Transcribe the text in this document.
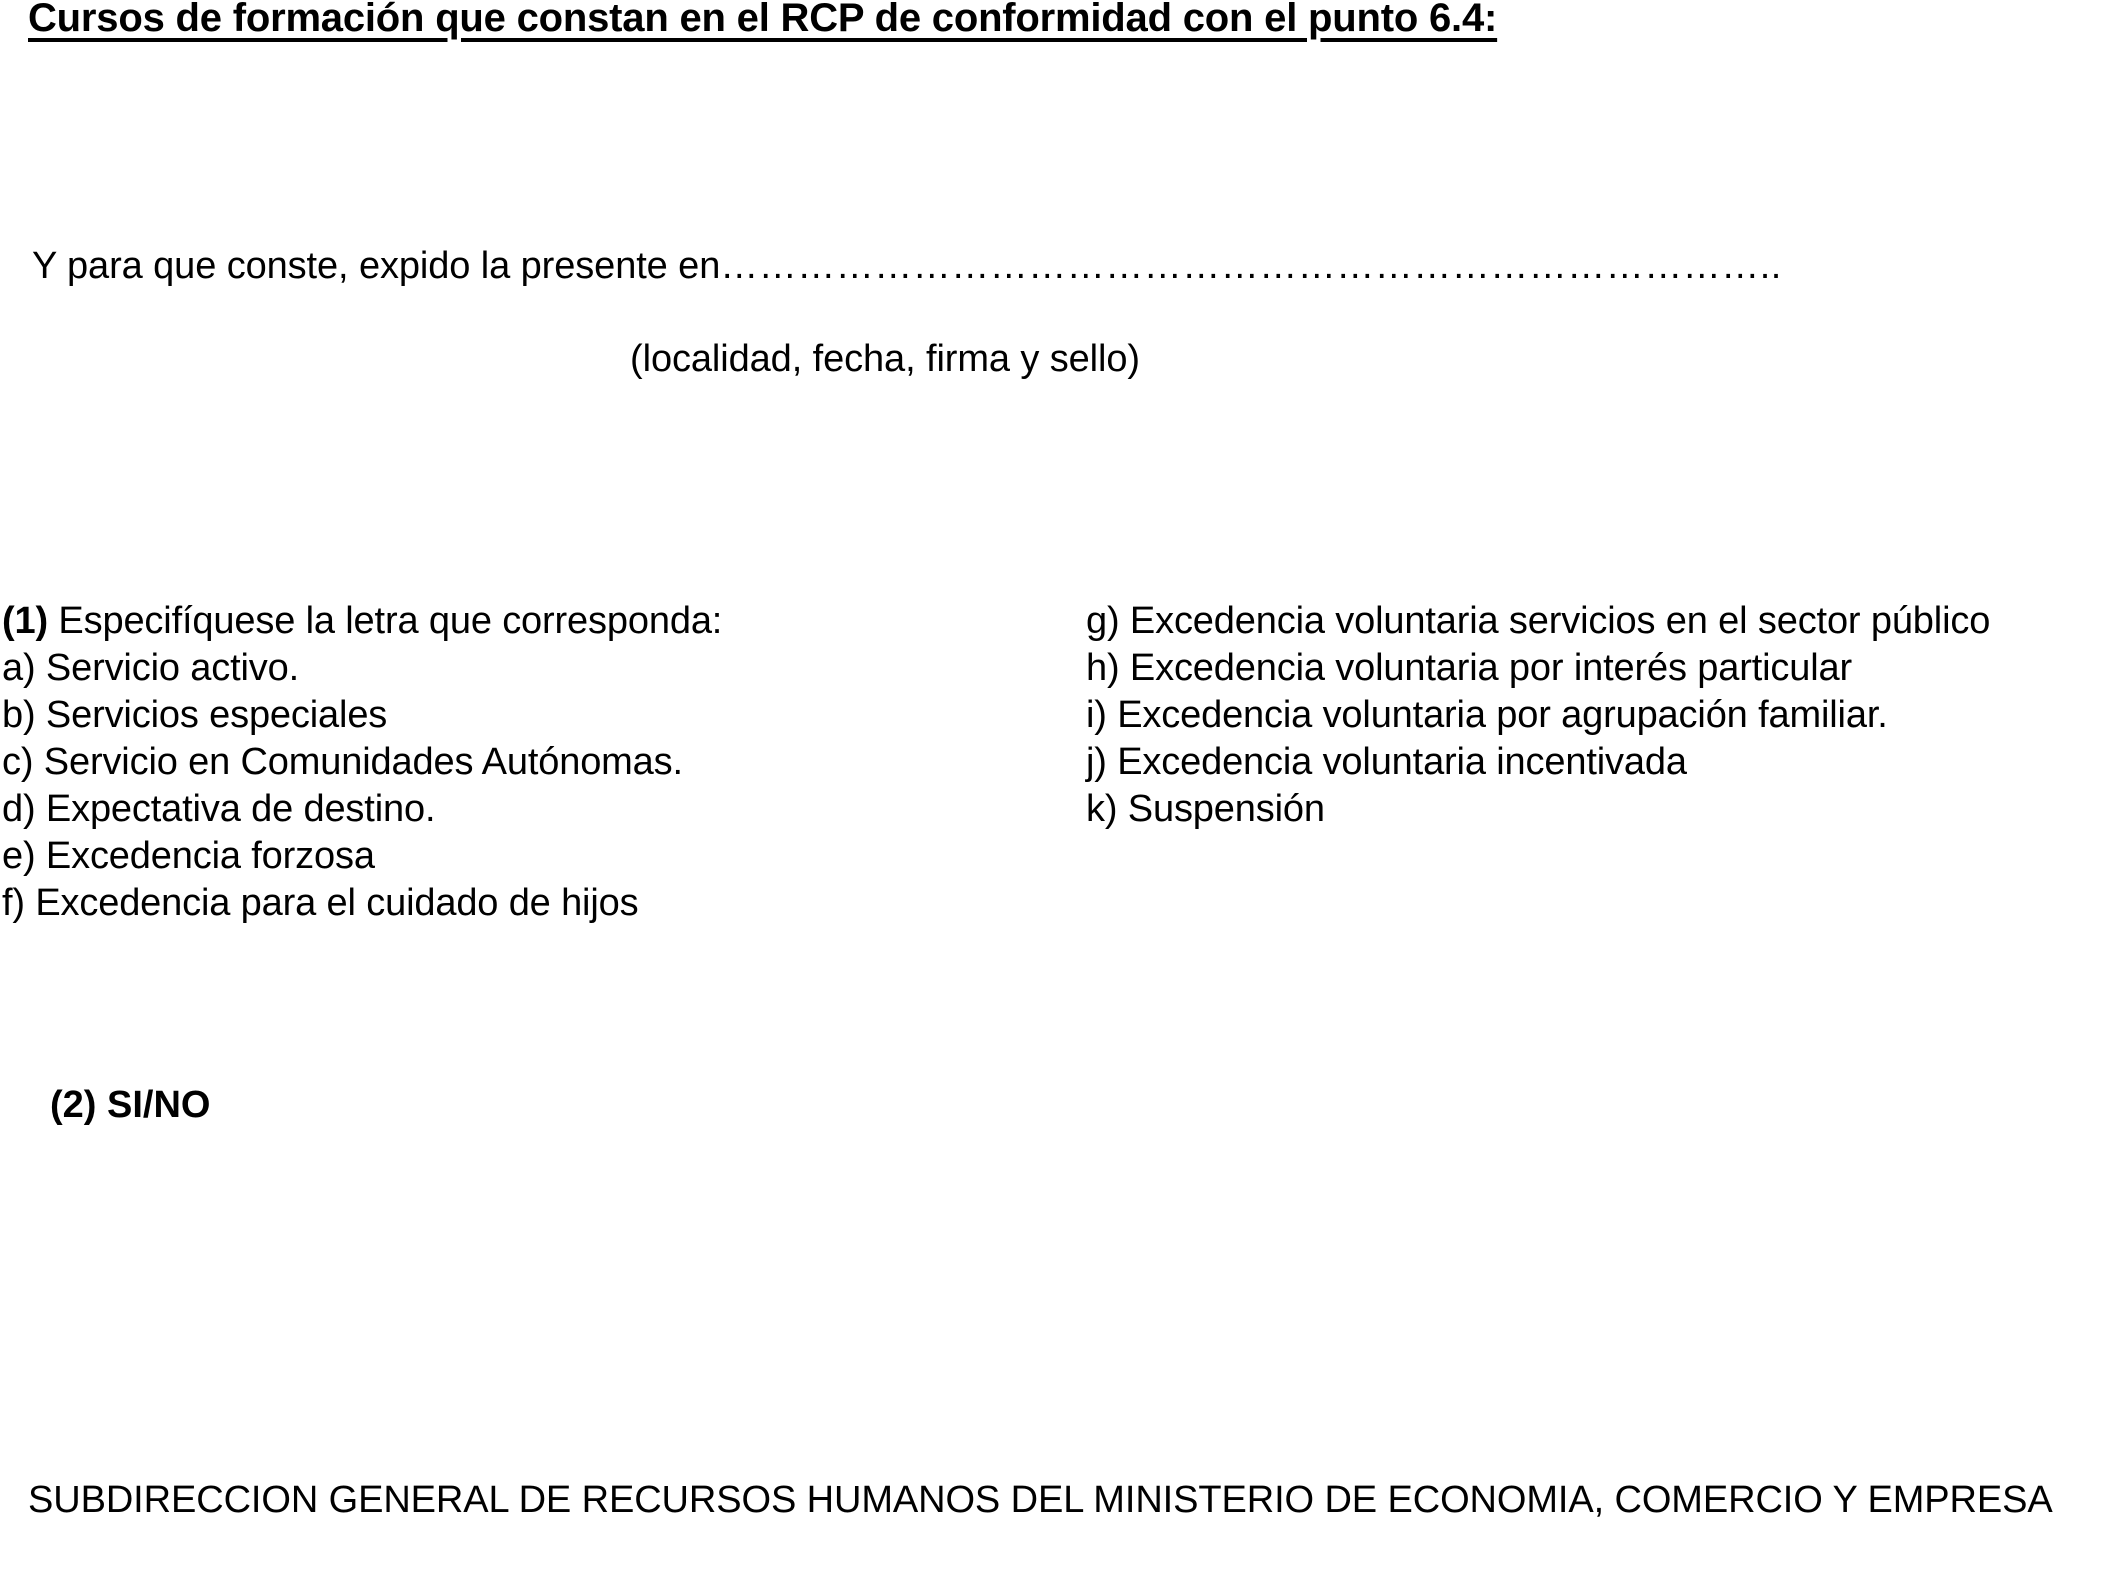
Cursos de formación que constan en el RCP de conformidad con el punto 6.4:
Y para que conste, expido la presente en………………………………………………………………………..
(localidad, fecha, firma y sello)
(1) Especifíquese la letra que corresponda:
a) Servicio activo.
b) Servicios especiales
c) Servicio en Comunidades Autónomas.
d) Expectativa de destino.
e) Excedencia forzosa
f) Excedencia para el cuidado de hijos
g) Excedencia voluntaria servicios en el sector público
h) Excedencia voluntaria por interés particular
i) Excedencia voluntaria por agrupación familiar.
j) Excedencia voluntaria incentivada
k) Suspensión
(2) SI/NO
SUBDIRECCION GENERAL DE RECURSOS HUMANOS DEL MINISTERIO DE ECONOMIA, COMERCIO Y EMPRESA
